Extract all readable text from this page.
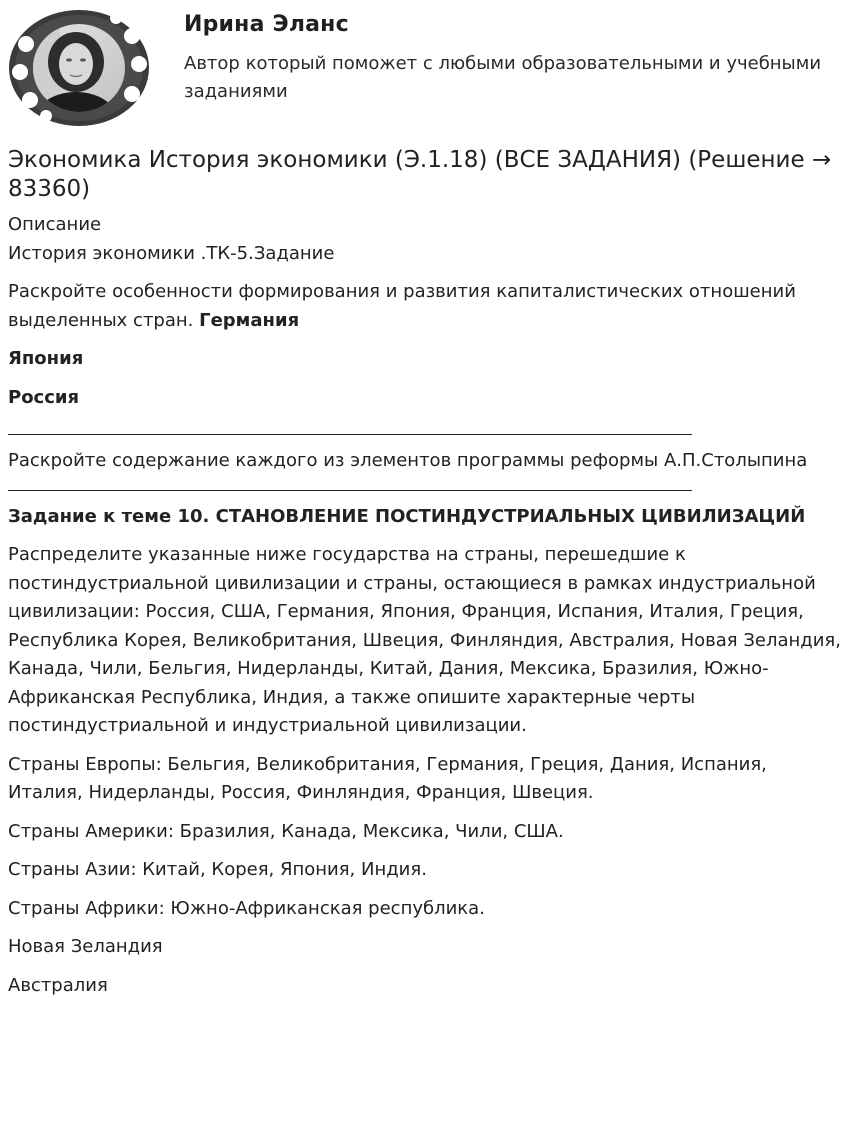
Ирина Эланс
Автор который поможет с любыми образовательными и учебными заданиями
Экономика История экономики (Э.1.18) (ВСЕ ЗАДАНИЯ) (Решение → 83360)

Описание

История экономики .ТК-5.Задание

Раскройте особенности формирования и развития капиталистических отношений выделенных стран. Германия

Япония

Россия

Раскройте содержание каждого из элементов программы реформы А.П.Столыпина

Задание к теме 10. СТАНОВЛЕНИЕ ПОСТИНДУСТРИАЛЬНЫХ ЦИВИЛИЗАЦИЙ

Распределите указанные ниже государства на страны, перешедшие к постиндустриальной цивилизации и страны, остающиеся в рамках индустриальной цивилизации: Россия, США, Германия, Япония, Франция, Испания, Италия, Греция, Республика Корея, Великобритания, Швеция, Финляндия, Австралия, Новая Зеландия, Канада, Чили, Бельгия, Нидерланды, Китай, Дания, Мексика, Бразилия, Южно-Африканская Республика, Индия, а также опишите характерные черты постиндустриальной и индустриальной цивилизации.

Страны Европы: Бельгия, Великобритания, Германия, Греция, Дания, Испания, Италия, Нидерланды, Россия, Финляндия, Франция, Швеция.

Страны Америки: Бразилия, Канада, Мексика, Чили, США.

Страны Азии: Китай, Корея, Япония, Индия.

Страны Африки: Южно-Африканская республика.

Новая Зеландия

Австралия
